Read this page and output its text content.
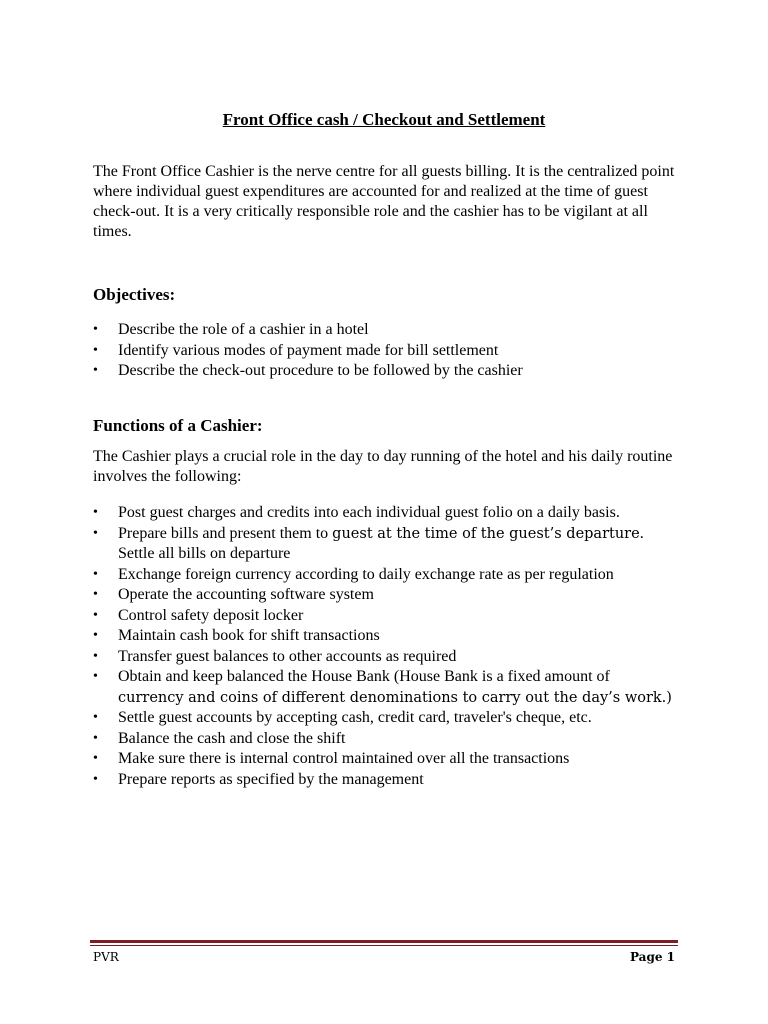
Front Office cash / Checkout and Settlement
The Front Office Cashier is the nerve centre for all guests billing. It is the centralized point where individual guest expenditures are accounted for and realized at the time of guest check-out. It is a very critically responsible role and the cashier has to be vigilant at all times.
Objectives:
• Describe the role of a cashier in a hotel
• Identify various modes of payment made for bill settlement
• Describe the check-out procedure to be followed by the cashier
Functions of a Cashier:
The Cashier plays a crucial role in the day to day running of the hotel and his daily routine involves the following:
• Post guest charges and credits into each individual guest folio on a daily basis.
• Prepare bills and present them to guest at the time of the guest’s departure.
Settle all bills on departure
• Exchange foreign currency according to daily exchange rate as per regulation
• Operate the accounting software system
• Control safety deposit locker
• Maintain cash book for shift transactions
• Transfer guest balances to other accounts as required
• Obtain and keep balanced the House Bank (House Bank is a fixed amount of
currency and coins of different denominations to carry out the day’s work.)
• Settle guest accounts by accepting cash, credit card, traveler's cheque, etc.
• Balance the cash and close the shift
• Make sure there is internal control maintained over all the transactions
• Prepare reports as specified by the management
PVR	Page 1
